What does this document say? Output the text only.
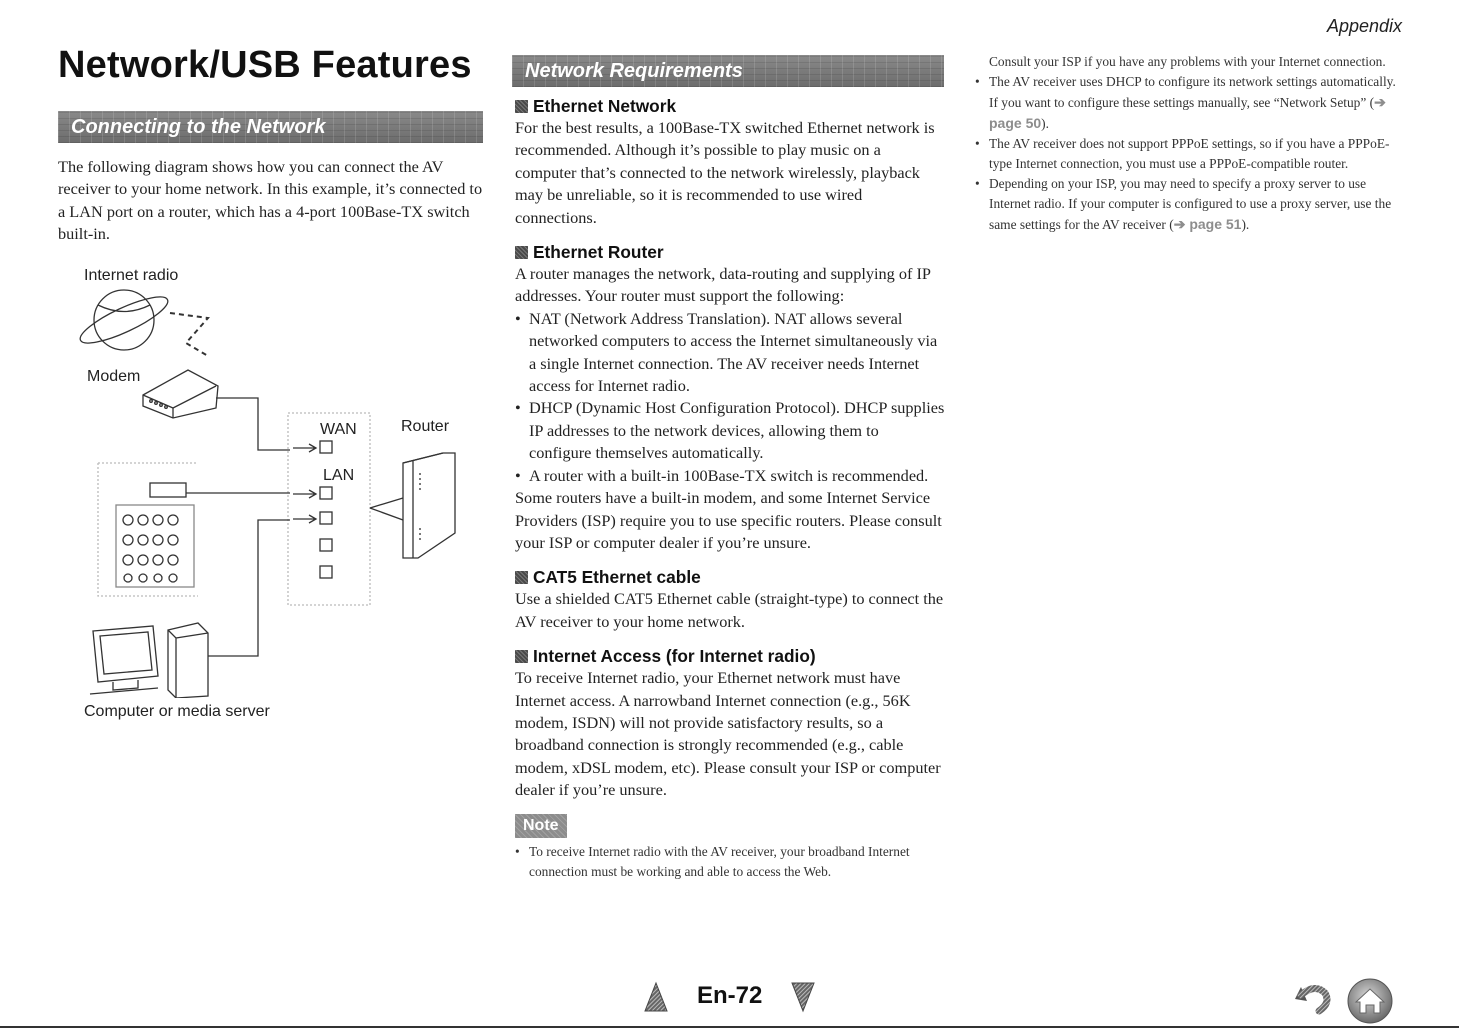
Appendix
Network/USB Features
Connecting to the Network

The following diagram shows how you can connect the AV receiver to your home network. In this example, it’s connected to a LAN port on a router, which has a 4-port 100Base-TX switch built-in.

Internet radio
Modem
Router
WAN
LAN
Computer or media server
Network Requirements
Ethernet Network

For the best results, a 100Base-TX switched Ethernet network is recommended. Although it’s possible to play music on a computer that’s connected to the network wirelessly, playback may be unreliable, so it is recommended to use wired connections.

Ethernet Router

A router manages the network, data-routing and supplying of IP addresses. Your router must support the following:

• NAT (Network Address Translation). NAT allows several networked computers to access the Internet simultaneously via a single Internet connection. The AV receiver needs Internet access for Internet radio.
• DHCP (Dynamic Host Configuration Protocol). DHCP supplies IP addresses to the network devices, allowing them to configure themselves automatically.
• A router with a built-in 100Base-TX switch is recommended.

Some routers have a built-in modem, and some Internet Service Providers (ISP) require you to use specific routers. Please consult your ISP or computer dealer if you’re unsure.

CAT5 Ethernet cable

Use a shielded CAT5 Ethernet cable (straight-type) to connect the AV receiver to your home network.

Internet Access (for Internet radio)

To receive Internet radio, your Ethernet network must have Internet access. A narrowband Internet connection (e.g., 56K modem, ISDN) will not provide satisfactory results, so a broadband connection is strongly recommended (e.g., cable modem, xDSL modem, etc). Please consult your ISP or computer dealer if you’re unsure.

Note
• To receive Internet radio with the AV receiver, your broadband Internet connection must be working and able to access the Web.

Consult your ISP if you have any problems with your Internet connection.

• The AV receiver uses DHCP to configure its network settings automatically. If you want to configure these settings manually, see “Network Setup” (➔ page 50).
• The AV receiver does not support PPPoE settings, so if you have a PPPoE-type Internet connection, you must use a PPPoE-compatible router.
• Depending on your ISP, you may need to specify a proxy server to use Internet radio. If your computer is configured to use a proxy server, use the same settings for the AV receiver (➔ page 51).
En-72
